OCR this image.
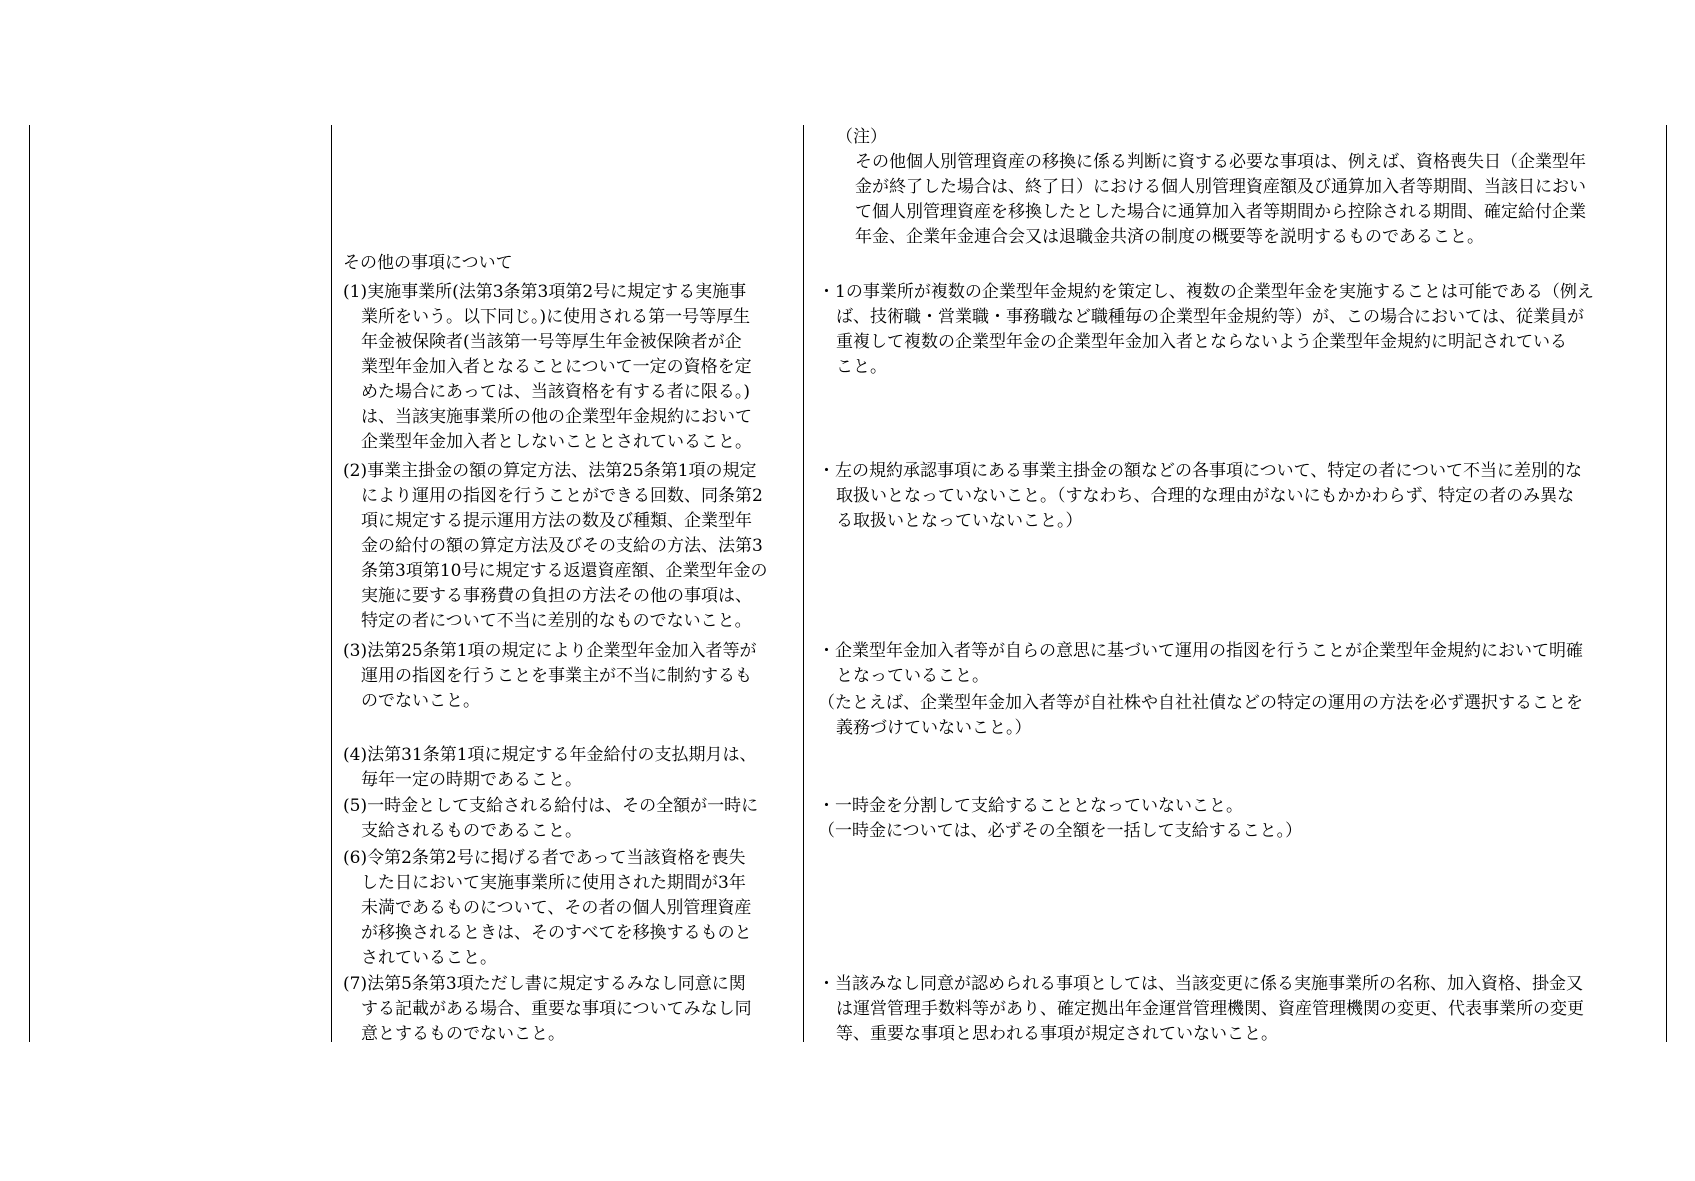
（注）
その他個人別管理資産の移換に係る判断に資する必要な事項は、例えば、資格喪失日（企業型年
金が終了した場合は、終了日）における個人別管理資産額及び通算加入者等期間、当該日におい
て個人別管理資産を移換したとした場合に通算加入者等期間から控除される期間、確定給付企業
年金、企業年金連合会又は退職金共済の制度の概要等を説明するものであること。
その他の事項について
(1)実施事業所(法第3条第3項第2号に規定する実施事
業所をいう。以下同じ。)に使用される第一号等厚生
年金被保険者(当該第一号等厚生年金被保険者が企
業型年金加入者となることについて一定の資格を定
めた場合にあっては、当該資格を有する者に限る。)
は、当該実施事業所の他の企業型年金規約において
企業型年金加入者としないこととされていること。
(2)事業主掛金の額の算定方法、法第25条第1項の規定
により運用の指図を行うことができる回数、同条第2
項に規定する提示運用方法の数及び種類、企業型年
金の給付の額の算定方法及びその支給の方法、法第3
条第3項第10号に規定する返還資産額、企業型年金の
実施に要する事務費の負担の方法その他の事項は、
特定の者について不当に差別的なものでないこと。
(3)法第25条第1項の規定により企業型年金加入者等が
運用の指図を行うことを事業主が不当に制約するも
のでないこと。
(4)法第31条第1項に規定する年金給付の支払期月は、
毎年一定の時期であること。
(5)一時金として支給される給付は、その全額が一時に
支給されるものであること。
(6)令第2条第2号に掲げる者であって当該資格を喪失
した日において実施事業所に使用された期間が3年
未満であるものについて、その者の個人別管理資産
が移換されるときは、そのすべてを移換するものと
されていること。
(7)法第5条第3項ただし書に規定するみなし同意に関
する記載がある場合、重要な事項についてみなし同
意とするものでないこと。
・1の事業所が複数の企業型年金規約を策定し、複数の企業型年金を実施することは可能である（例え
ば、技術職・営業職・事務職など職種毎の企業型年金規約等）が、この場合においては、従業員が
重複して複数の企業型年金の企業型年金加入者とならないよう企業型年金規約に明記されている
こと。
・左の規約承認事項にある事業主掛金の額などの各事項について、特定の者について不当に差別的な
取扱いとなっていないこと。（すなわち、合理的な理由がないにもかかわらず、特定の者のみ異な
る取扱いとなっていないこと。）
・企業型年金加入者等が自らの意思に基づいて運用の指図を行うことが企業型年金規約において明確
となっていること。
（たとえば、企業型年金加入者等が自社株や自社社債などの特定の運用の方法を必ず選択することを
義務づけていないこと。）
・一時金を分割して支給することとなっていないこと。
（一時金については、必ずその全額を一括して支給すること。）
・当該みなし同意が認められる事項としては、当該変更に係る実施事業所の名称、加入資格、掛金又
は運営管理手数料等があり、確定拠出年金運営管理機関、資産管理機関の変更、代表事業所の変更
等、重要な事項と思われる事項が規定されていないこと。
